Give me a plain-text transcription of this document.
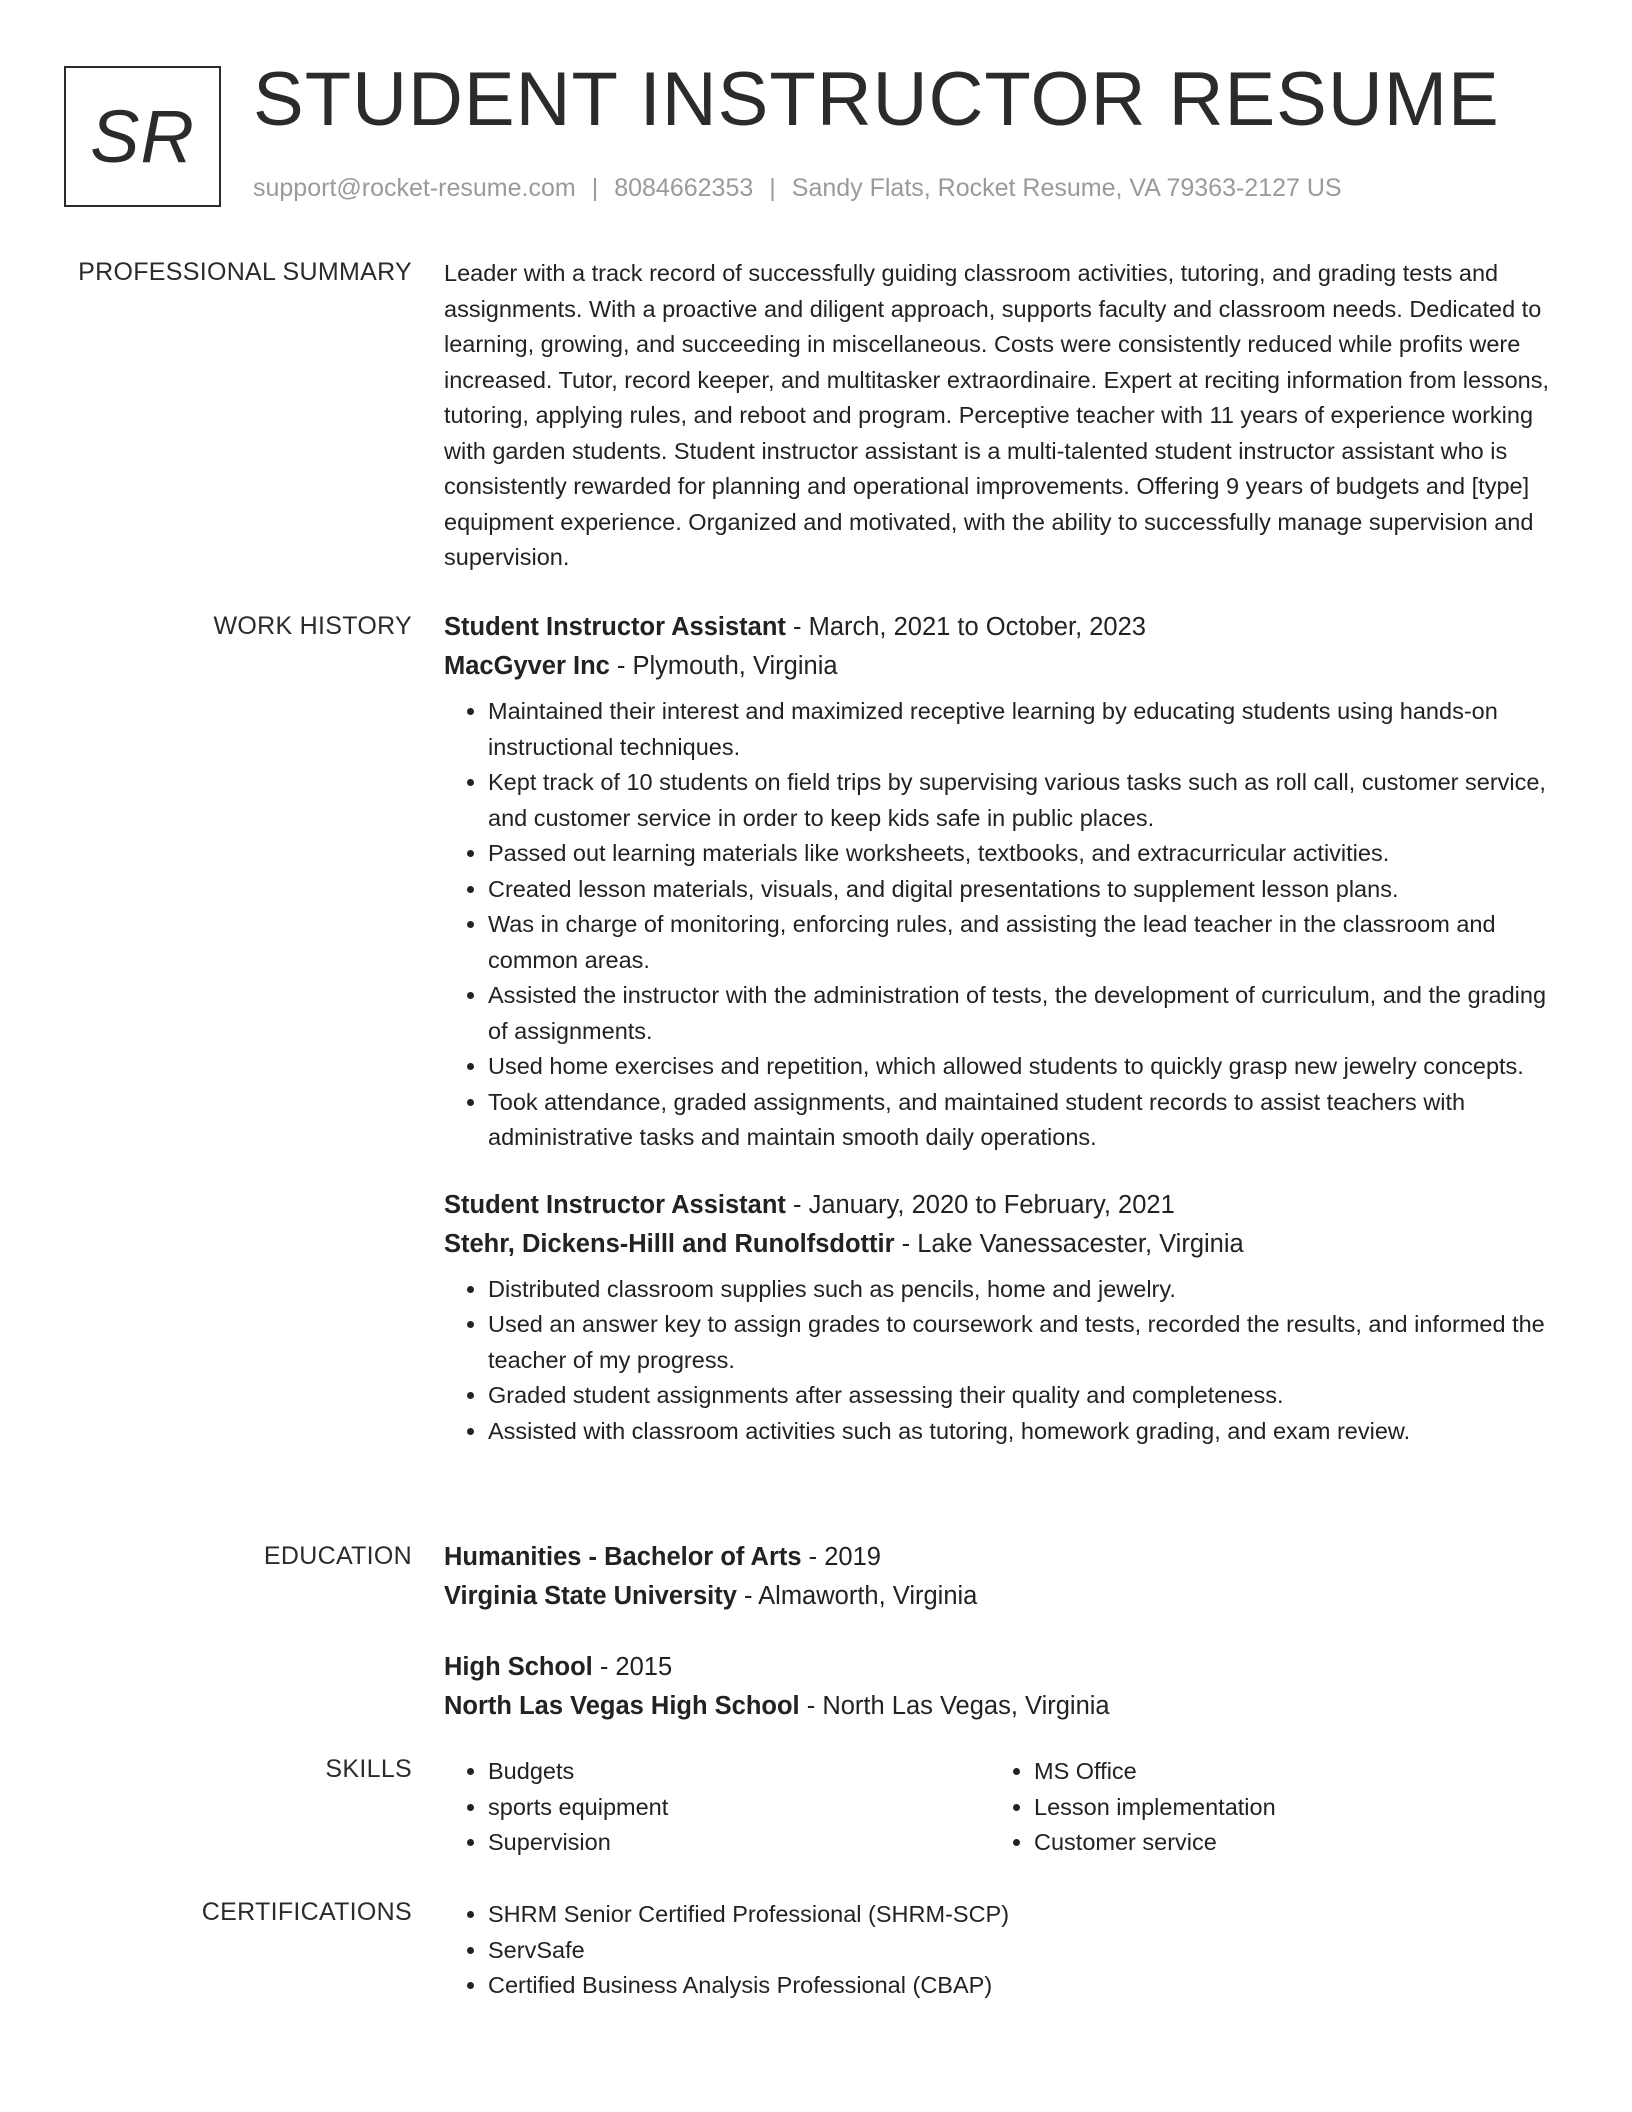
SR STUDENT INSTRUCTOR RESUME
support@rocket-resume.com | 8084662353 | Sandy Flats, Rocket Resume, VA 79363-2127 US
PROFESSIONAL SUMMARY Leader with a track record of successfully guiding classroom activities, tutoring, and grading tests and assignments. With a proactive and diligent approach, supports faculty and classroom needs. Dedicated to learning, growing, and succeeding in miscellaneous. Costs were consistently reduced while profits were increased. Tutor, record keeper, and multitasker extraordinaire. Expert at reciting information from lessons, tutoring, applying rules, and reboot and program. Perceptive teacher with 11 years of experience working with garden students. Student instructor assistant is a multi-talented student instructor assistant who is consistently rewarded for planning and operational improvements. Offering 9 years of budgets and [type] equipment experience. Organized and motivated, with the ability to successfully manage supervision and supervision.

WORK HISTORY Student Instructor Assistant - March, 2021 to October, 2023

MacGyver Inc - Plymouth, Virginia

• Maintained their interest and maximized receptive learning by educating students using hands-on instructional techniques.
• Kept track of 10 students on field trips by supervising various tasks such as roll call, customer service, and customer service in order to keep kids safe in public places.
• Passed out learning materials like worksheets, textbooks, and extracurricular activities.
• Created lesson materials, visuals, and digital presentations to supplement lesson plans.
• Was in charge of monitoring, enforcing rules, and assisting the lead teacher in the classroom and common areas.
• Assisted the instructor with the administration of tests, the development of curriculum, and the grading of assignments.
• Used home exercises and repetition, which allowed students to quickly grasp new jewelry concepts.
• Took attendance, graded assignments, and maintained student records to assist teachers with administrative tasks and maintain smooth daily operations.

Student Instructor Assistant - January, 2020 to February, 2021

Stehr, Dickens-Hilll and Runolfsdottir - Lake Vanessacester, Virginia

• Distributed classroom supplies such as pencils, home and jewelry.
• Used an answer key to assign grades to coursework and tests, recorded the results, and informed the teacher of my progress.
• Graded student assignments after assessing their quality and completeness.
• Assisted with classroom activities such as tutoring, homework grading, and exam review.
EDUCATION Humanities - Bachelor of Arts - 2019

Virginia State University - Almaworth, Virginia

High School - 2015

North Las Vegas High School - North Las Vegas, Virginia

SKILLS	• Budgets
• sports equipment
• Supervision
• MS Office
• Lesson implementation
• Customer service
CERTIFICATIONS	• SHRM Senior Certified Professional (SHRM-SCP)
• ServSafe
• Certified Business Analysis Professional (CBAP)
